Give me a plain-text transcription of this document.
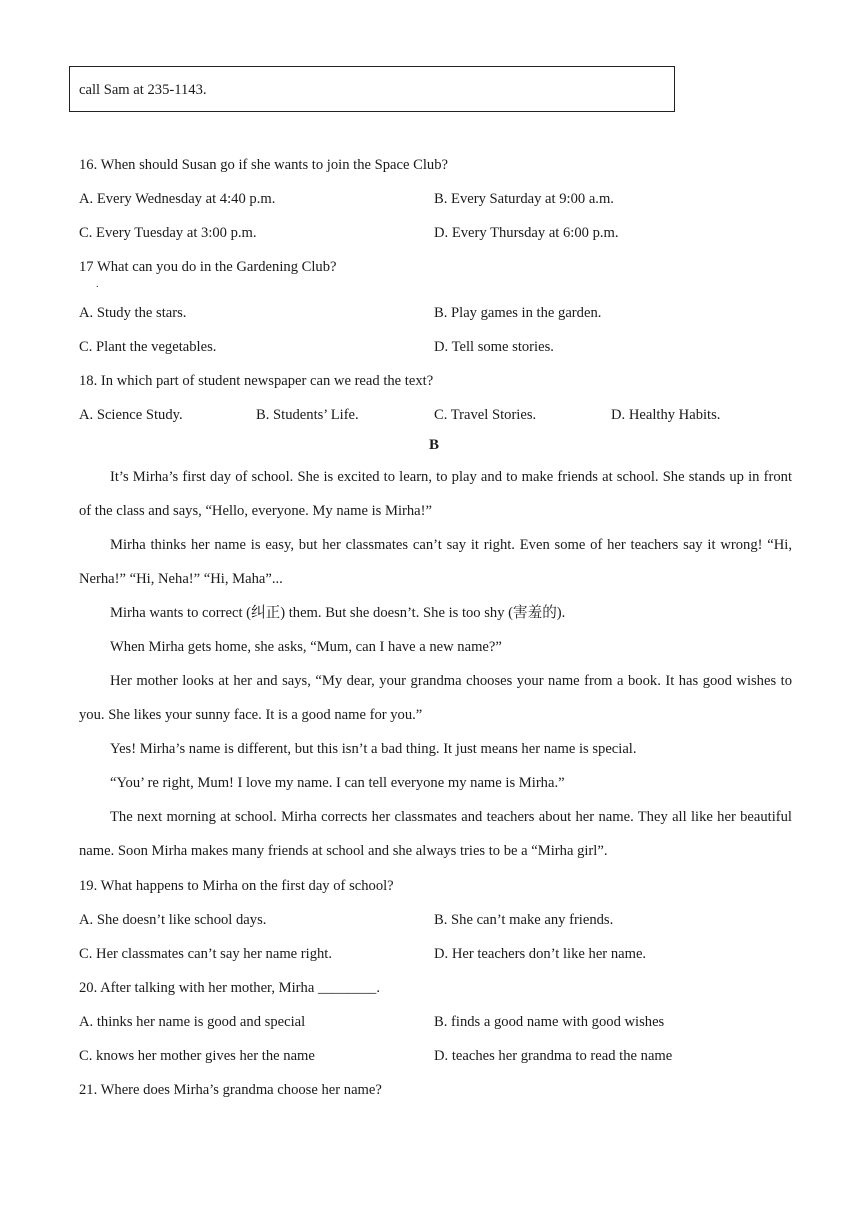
call Sam at 235-1143.
16. When should Susan go if she wants to join the Space Club?
A. Every Wednesday at 4:40 p.m.	B. Every Saturday at 9:00 a.m.
C. Every Tuesday at 3:00 p.m.	D. Every Thursday at 6:00 p.m.
17 What can you do in the Gardening Club?
.
A. Study the stars.	B. Play games in the garden.
C. Plant the vegetables.	D. Tell some stories.
18. In which part of student newspaper can we read the text?
A. Science Study.	B. Students’ Life.	C. Travel Stories.	D. Healthy Habits.
B
It’s Mirha’s first day of school. She is excited to learn, to play and to make friends at school. She stands up in front of the class and says, “Hello, everyone. My name is Mirha!”
Mirha thinks her name is easy, but her classmates can’t say it right. Even some of her teachers say it wrong! “Hi, Nerha!” “Hi, Neha!” “Hi, Maha”...
Mirha wants to correct (纠正) them. But she doesn’t. She is too shy (害羞的).
When Mirha gets home, she asks, “Mum, can I have a new name?”
Her mother looks at her and says, “My dear, your grandma chooses your name from a book. It has good wishes to you. She likes your sunny face. It is a good name for you.”
Yes! Mirha’s name is different, but this isn’t a bad thing. It just means her name is special.
“You’ re right, Mum! I love my name. I can tell everyone my name is Mirha.”
The next morning at school. Mirha corrects her classmates and teachers about her name. They all like her beautiful name. Soon Mirha makes many friends at school and she always tries to be a “Mirha girl”.
19. What happens to Mirha on the first day of school?
A. She doesn’t like school days.	B. She can’t make any friends.
C. Her classmates can’t say her name right.	D. Her teachers don’t like her name.
20. After talking with her mother, Mirha ________.
A. thinks her name is good and special	B. finds a good name with good wishes
C. knows her mother gives her the name	D. teaches her grandma to read the name
21. Where does Mirha’s grandma choose her name?
